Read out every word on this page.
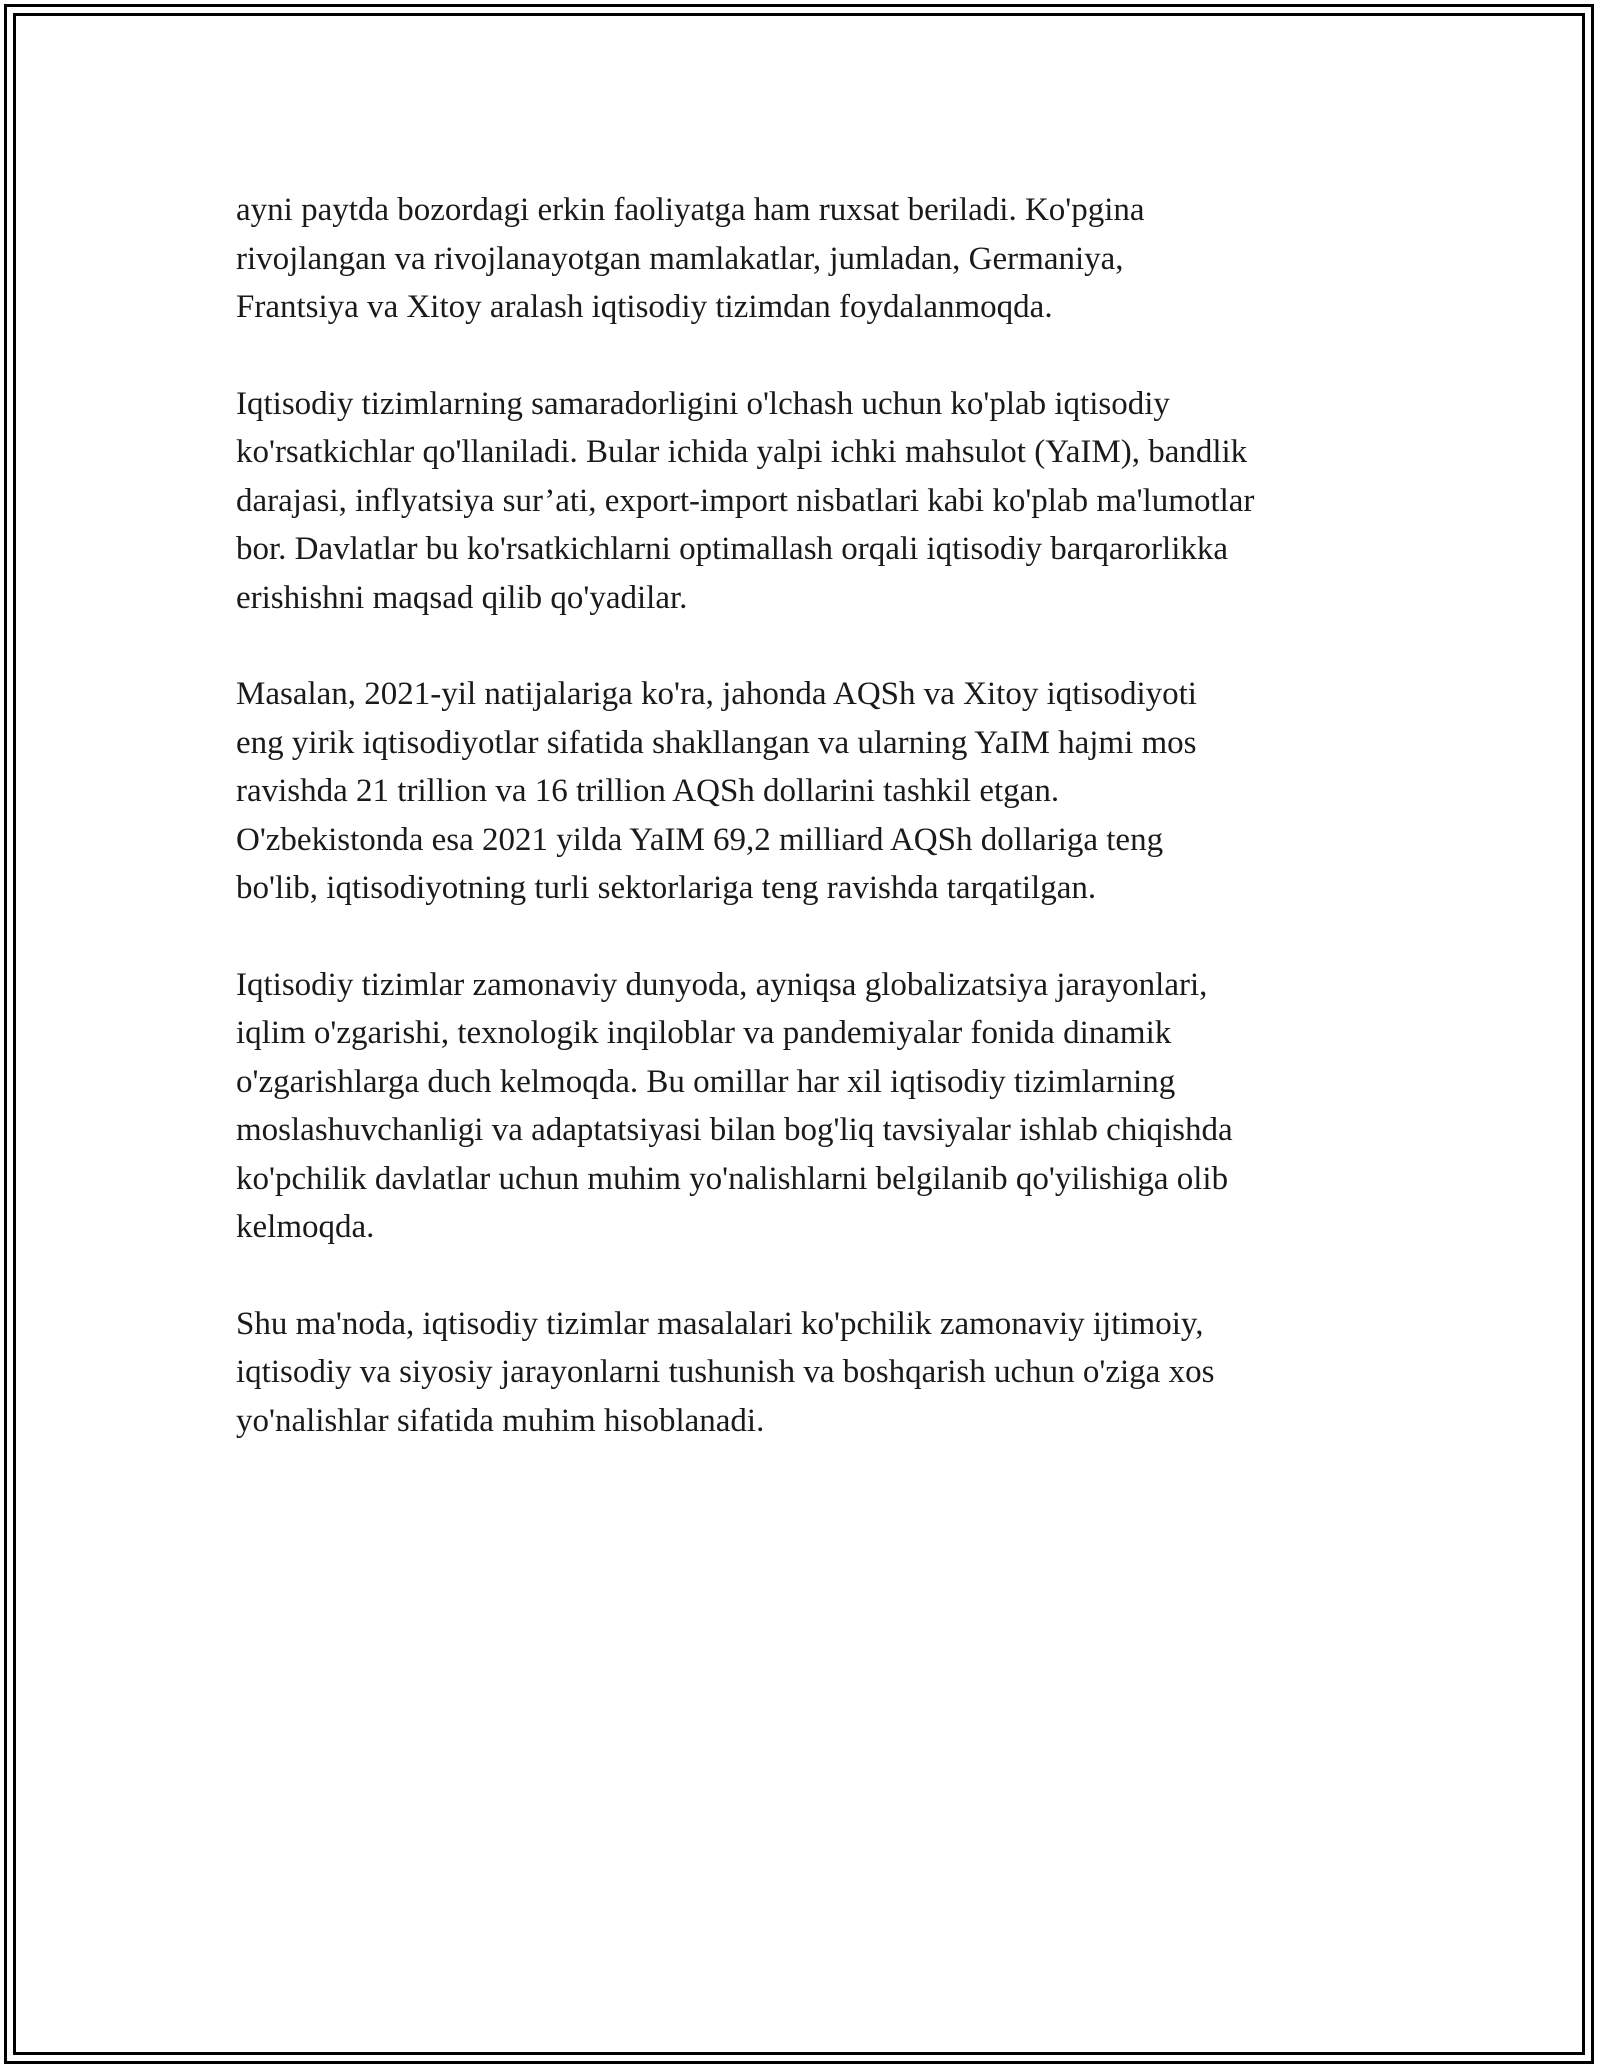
ayni paytda bozordagi erkin faoliyatga ham ruxsat beriladi. Ko'pgina
rivojlangan va rivojlanayotgan mamlakatlar, jumladan, Germaniya,
Frantsiya va Xitoy aralash iqtisodiy tizimdan foydalanmoqda.

Iqtisodiy tizimlarning samaradorligini o'lchash uchun ko'plab iqtisodiy
ko'rsatkichlar qo'llaniladi. Bular ichida yalpi ichki mahsulot (YaIM), bandlik
darajasi, inflyatsiya sur’ati, export-import nisbatlari kabi ko'plab ma'lumotlar
bor. Davlatlar bu ko'rsatkichlarni optimallash orqali iqtisodiy barqarorlikka
erishishni maqsad qilib qo'yadilar.

Masalan, 2021-yil natijalariga ko'ra, jahonda AQSh va Xitoy iqtisodiyoti
eng yirik iqtisodiyotlar sifatida shakllangan va ularning YaIM hajmi mos
ravishda 21 trillion va 16 trillion AQSh dollarini tashkil etgan.
O'zbekistonda esa 2021 yilda YaIM 69,2 milliard AQSh dollariga teng
bo'lib, iqtisodiyotning turli sektorlariga teng ravishda tarqatilgan.

Iqtisodiy tizimlar zamonaviy dunyoda, ayniqsa globalizatsiya jarayonlari,
iqlim o'zgarishi, texnologik inqiloblar va pandemiyalar fonida dinamik
o'zgarishlarga duch kelmoqda. Bu omillar har xil iqtisodiy tizimlarning
moslashuvchanligi va adaptatsiyasi bilan bog'liq tavsiyalar ishlab chiqishda
ko'pchilik davlatlar uchun muhim yo'nalishlarni belgilanib qo'yilishiga olib
kelmoqda.

Shu ma'noda, iqtisodiy tizimlar masalalari ko'pchilik zamonaviy ijtimoiy,
iqtisodiy va siyosiy jarayonlarni tushunish va boshqarish uchun o'ziga xos
yo'nalishlar sifatida muhim hisoblanadi.
